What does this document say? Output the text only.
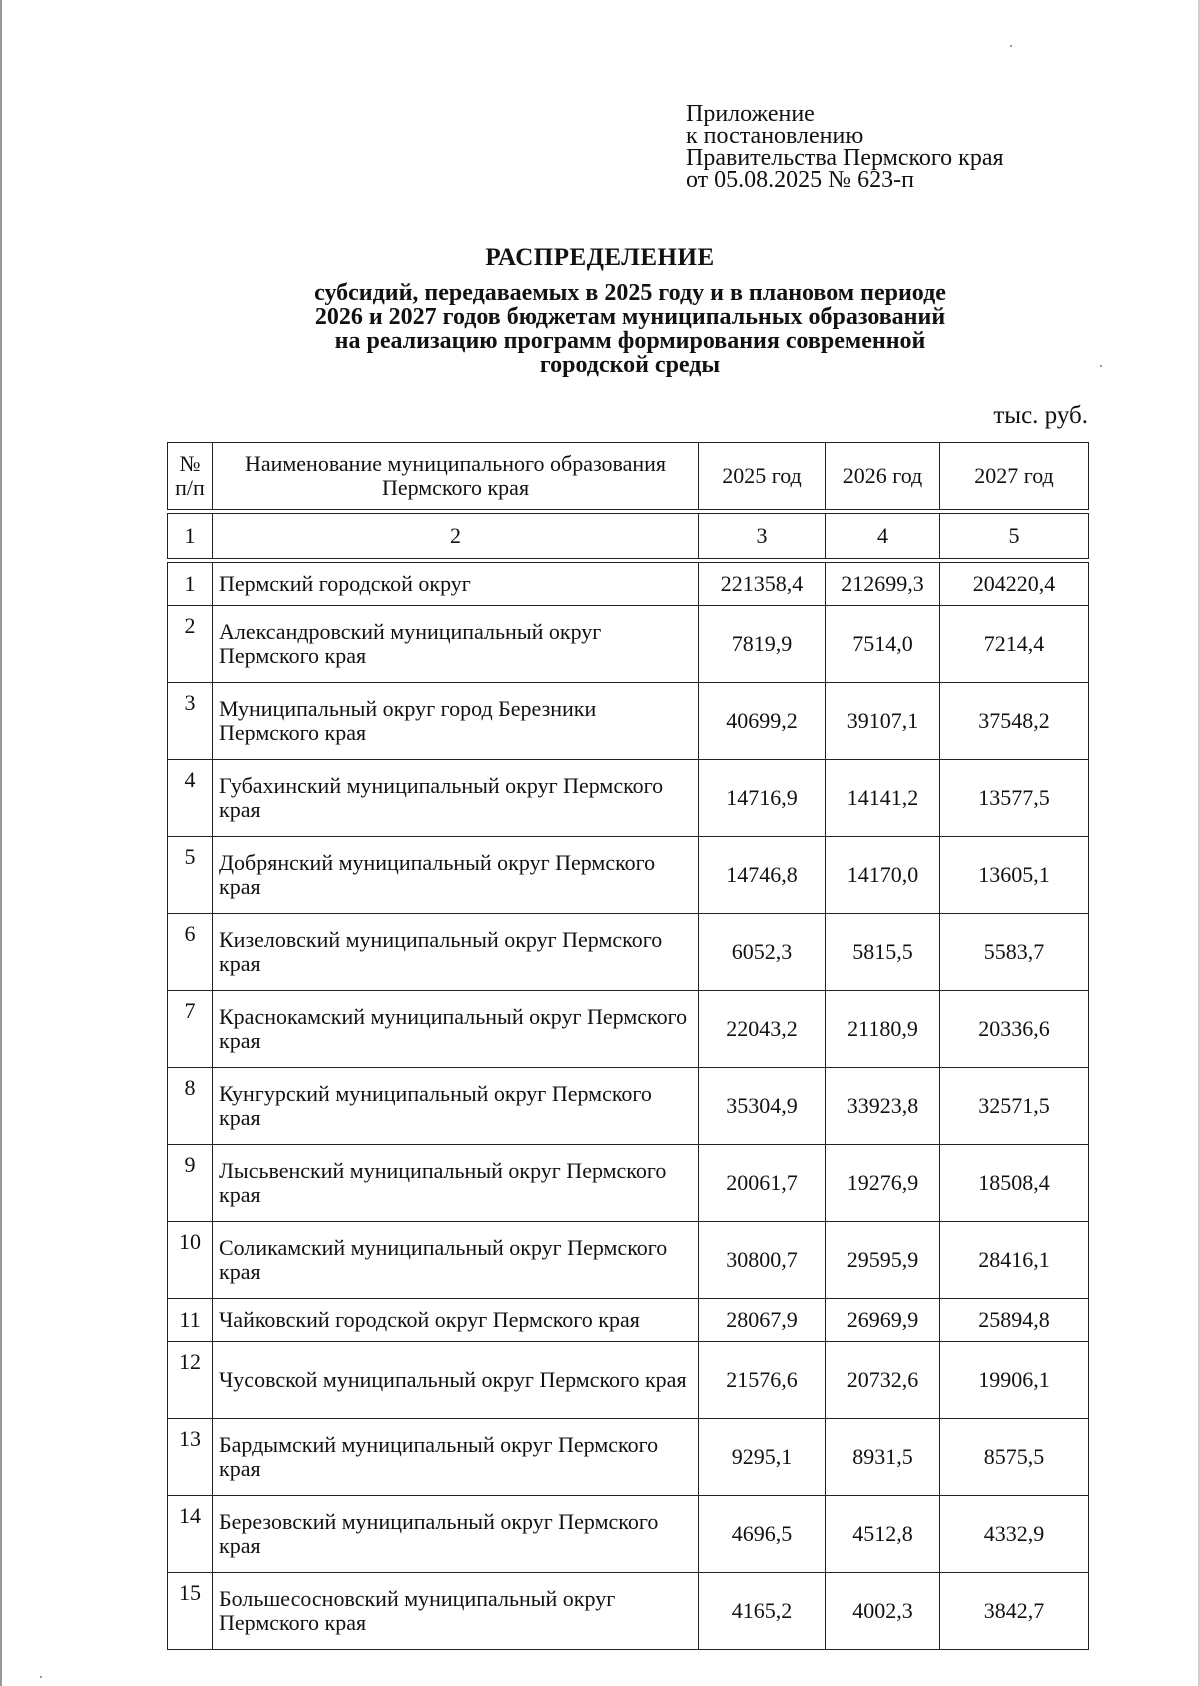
Приложение
к постановлению
Правительства Пермского края
от 05.08.2025 № 623-п
РАСПРЕДЕЛЕНИЕ
субсидий, передаваемых в 2025 году и в плановом периоде
2026 и 2027 годов бюджетам муниципальных образований
на реализацию программ формирования современной
городской среды
тыс. руб.
№ п/п	Наименование муниципального образования Пермского края	2025 год	2026 год	2027 год

1	2	3	4	5

1	Пермский городской округ	221358,4	212699,3	204220,4
2	Александровский муниципальный округ Пермского края	7819,9	7514,0	7214,4
3	Муниципальный округ город Березники Пермского края	40699,2	39107,1	37548,2
4	Губахинский муниципальный округ Пермского края	14716,9	14141,2	13577,5
5	Добрянский муниципальный округ Пермского края	14746,8	14170,0	13605,1
6	Кизеловский муниципальный округ Пермского края	6052,3	5815,5	5583,7
7	Краснокамский муниципальный округ Пермского края	22043,2	21180,9	20336,6
8	Кунгурский муниципальный округ Пермского края	35304,9	33923,8	32571,5
9	Лысьвенский муниципальный округ Пермского края	20061,7	19276,9	18508,4
10	Соликамский муниципальный округ Пермского края	30800,7	29595,9	28416,1
11	Чайковский городской округ Пермского края	28067,9	26969,9	25894,8
12	Чусовской муниципальный округ Пермского края	21576,6	20732,6	19906,1
13	Бардымский муниципальный округ Пермского края	9295,1	8931,5	8575,5
14	Березовский муниципальный округ Пермского края	4696,5	4512,8	4332,9
15	Большесосновский муниципальный округ Пермского края	4165,2	4002,3	3842,7
